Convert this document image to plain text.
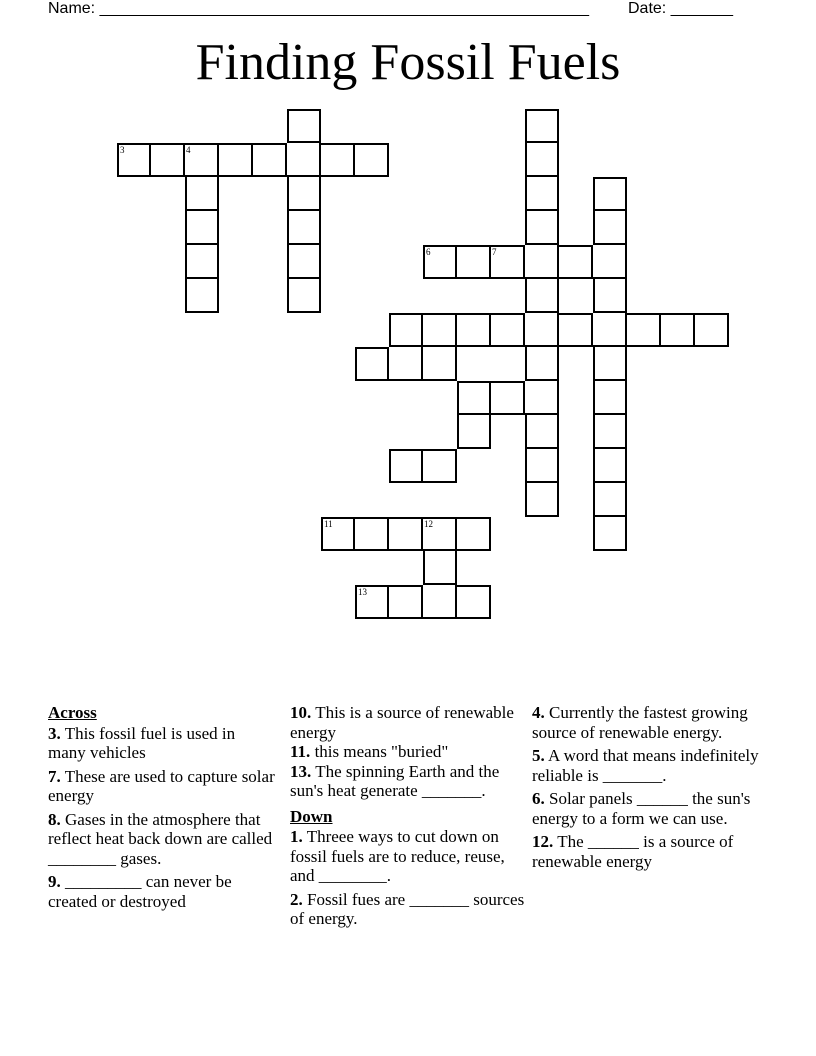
Name: _______________________________________________________ Date: _______
Finding Fossil Fuels
3	4
6	7
11	12
13
Across
3. This fossil fuel is used in many vehicles
7. These are used to capture solar energy
8. Gases in the atmosphere that reflect heat back down are called ________ gases.
9. _________ can never be created or destroyed
10. This is a source of renewable energy
11. this means "buried"
13. The spinning Earth and the sun's heat generate _______.
Down
1. Threee ways to cut down on fossil fuels are to reduce, reuse, and ________.
2. Fossil fues are _______ sources of energy.
4. Currently the fastest growing source of renewable energy.
5. A word that means indefinitely reliable is _______.
6. Solar panels ______ the sun's energy to a form we can use.
12. The ______ is a source of renewable energy
